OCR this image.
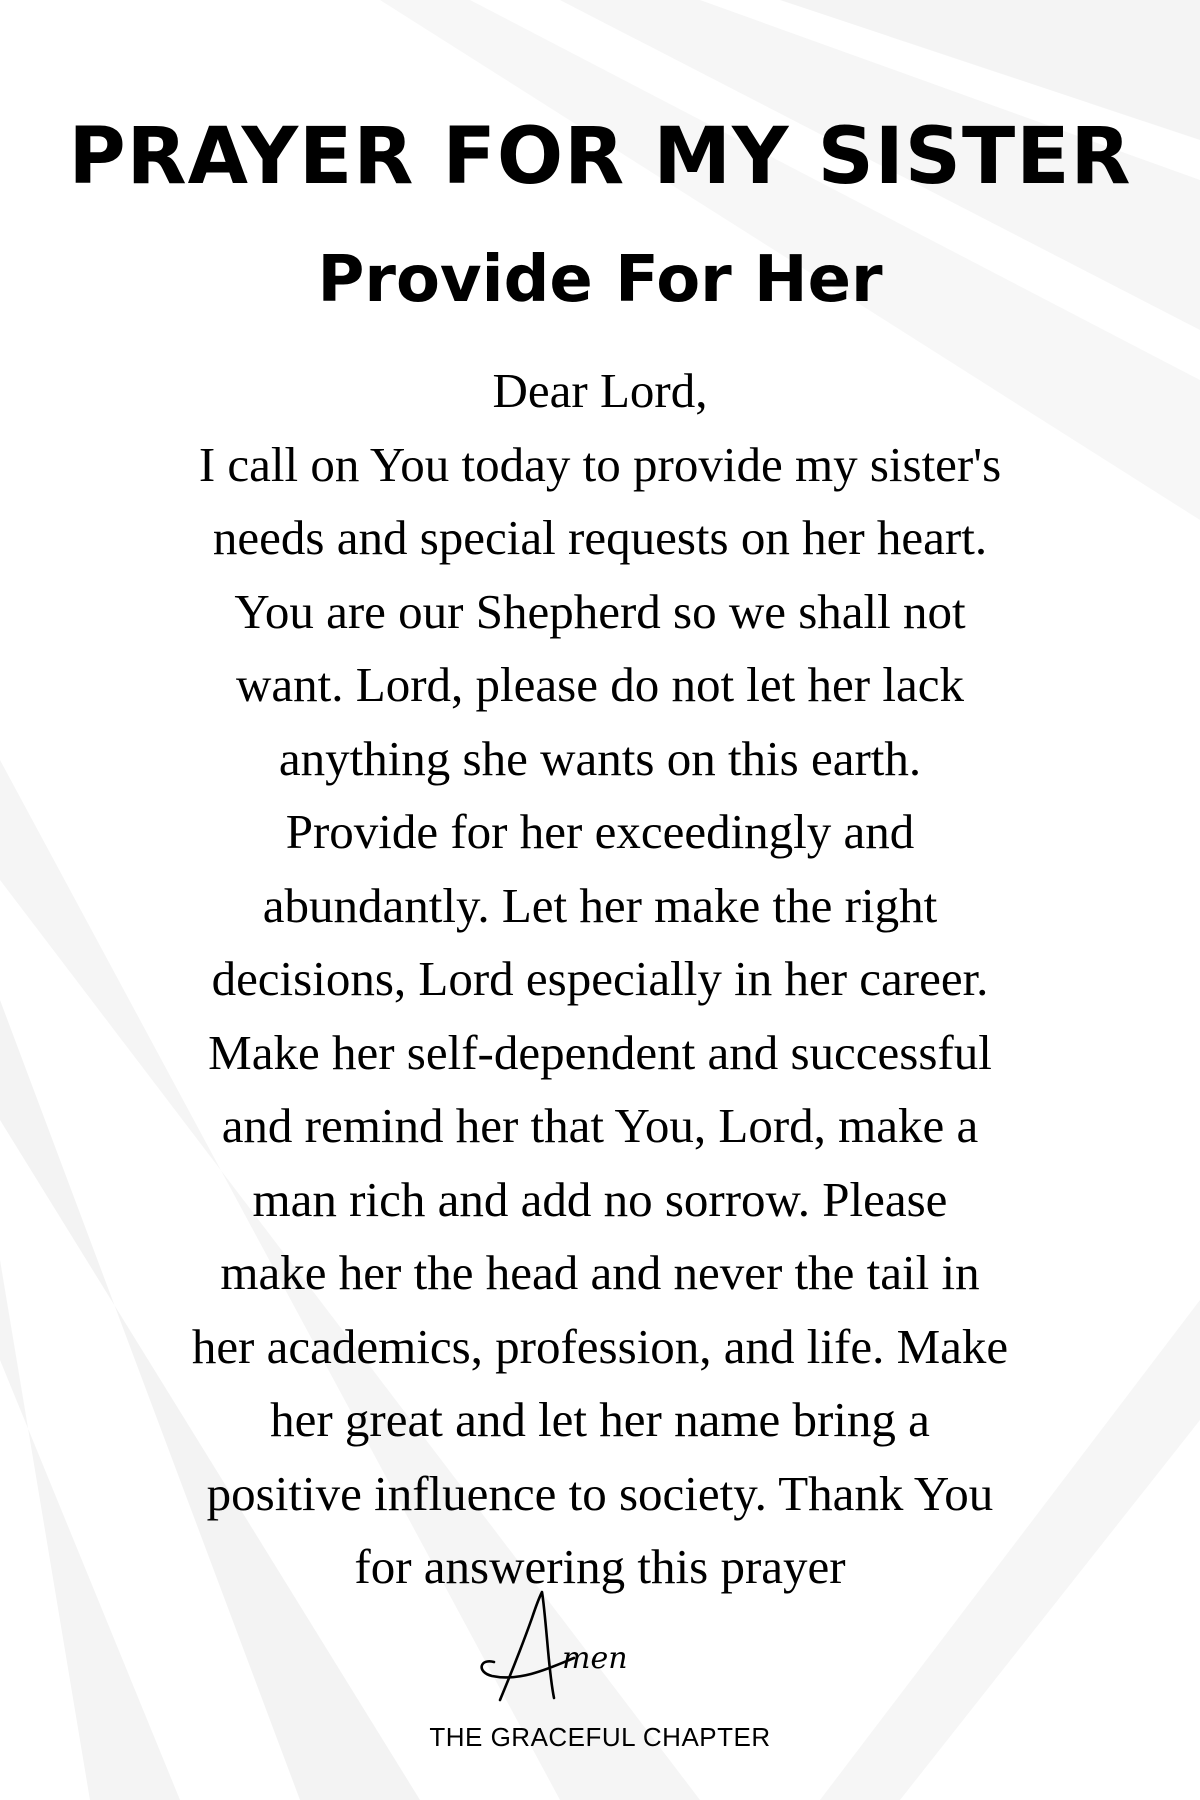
PRAYER FOR MY SISTER
Provide For Her
Dear Lord,
I call on You today to provide my sister's
needs and special requests on her heart.
You are our Shepherd so we shall not
want. Lord, please do not let her lack
anything she wants on this earth.
Provide for her exceedingly and
abundantly. Let her make the right
decisions, Lord especially in her career.
Make her self-dependent and successful
and remind her that You, Lord, make a
man rich and add no sorrow. Please
make her the head and never the tail in
her academics, profession, and life. Make
her great and let her name bring a
positive influence to society. Thank You
for answering this prayer
men

THE GRACEFUL CHAPTER
